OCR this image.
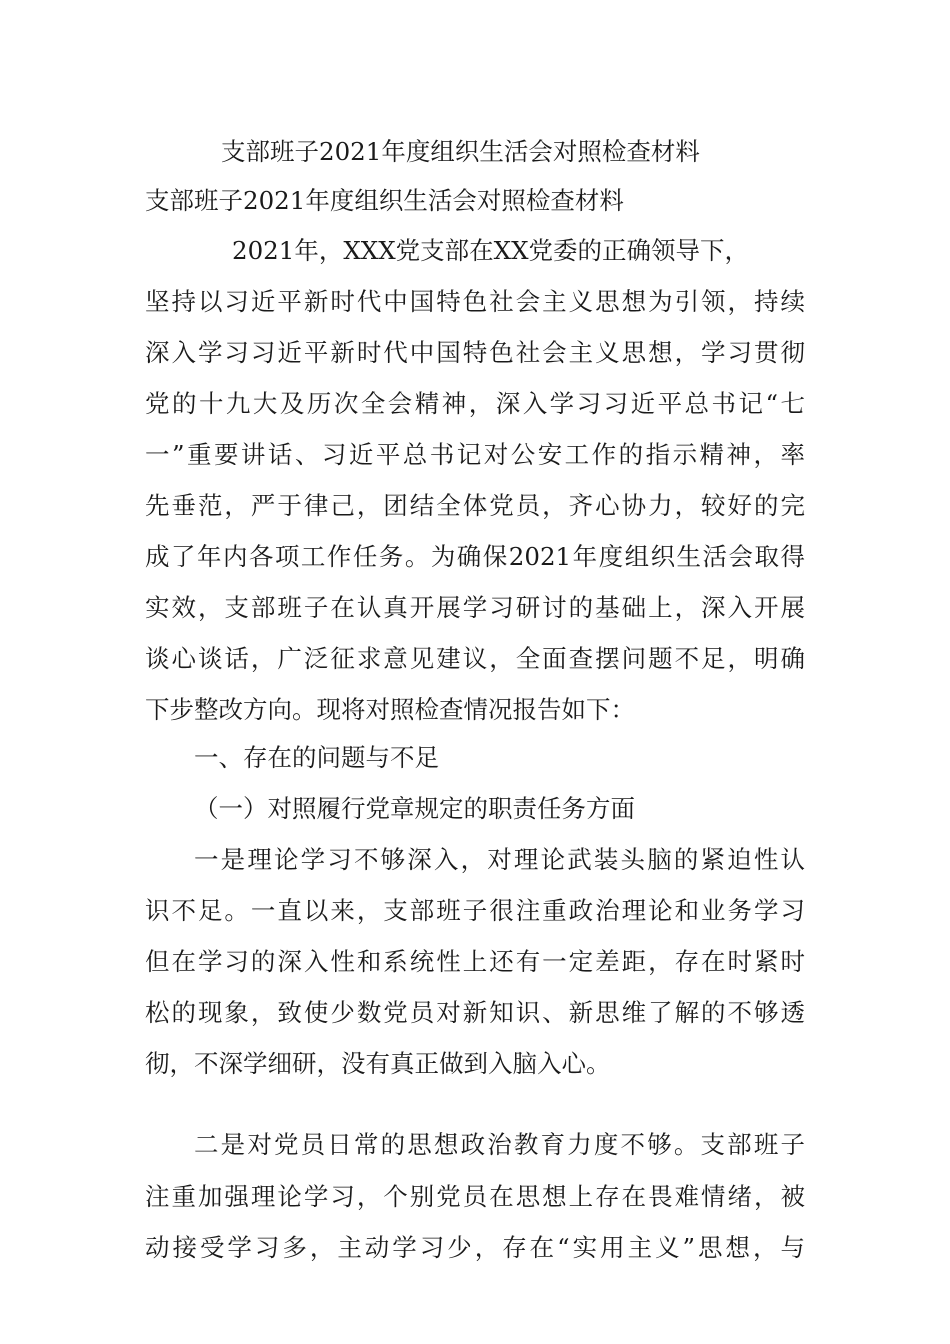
支部班子2021年度组织生活会对照检查材料
支部班子2021年度组织生活会对照检查材料
2021年，XXX党支部在XX党委的正确领导下，
坚持以习近平新时代中国特色社会主义思想为引领，持续
深入学习习近平新时代中国特色社会主义思想，学习贯彻
党的十九大及历次全会精神，深入学习习近平总书记“七
一”重要讲话、习近平总书记对公安工作的指示精神，率
先垂范，严于律己，团结全体党员，齐心协力，较好的完
成了年内各项工作任务。为确保2021年度组织生活会取得
实效，支部班子在认真开展学习研讨的基础上，深入开展
谈心谈话，广泛征求意见建议，全面查摆问题不足，明确
下步整改方向。现将对照检查情况报告如下：
一、存在的问题与不足
（一）对照履行党章规定的职责任务方面
一是理论学习不够深入，对理论武装头脑的紧迫性认
识不足。一直以来，支部班子很注重政治理论和业务学习
但在学习的深入性和系统性上还有一定差距，存在时紧时
松的现象，致使少数党员对新知识、新思维了解的不够透
彻，不深学细研，没有真正做到入脑入心。
二是对党员日常的思想政治教育力度不够。支部班子
注重加强理论学习，个别党员在思想上存在畏难情绪，被
动接受学习多，主动学习少，存在“实用主义”思想，与
